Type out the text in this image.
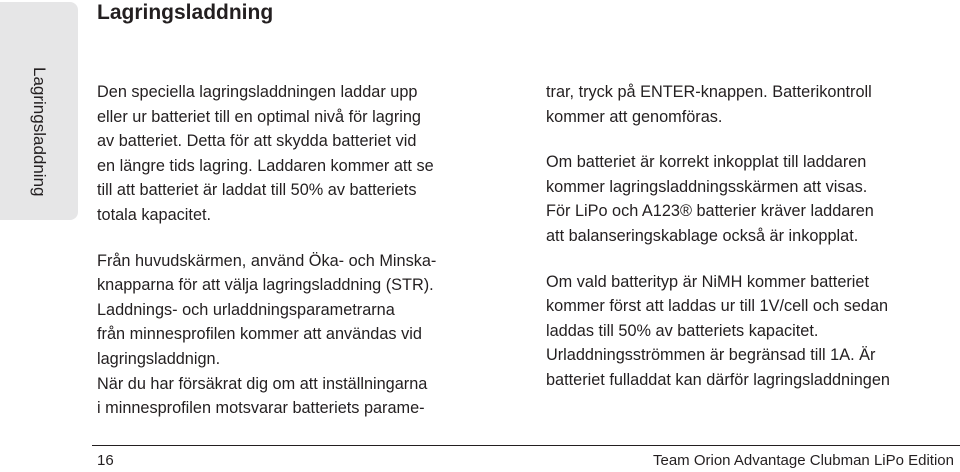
Lagringsladdning
Lagringsladdning

Den speciella lagringsladdningen laddar upp
eller ur batteriet till en optimal nivå för lagring
av batteriet. Detta för att skydda batteriet vid
en längre tids lagring. Laddaren kommer att se
till att batteriet är laddat till 50% av batteriets
totala kapacitet.

Från huvudskärmen, använd Öka- och Minska-
knapparna för att välja lagringsladdning (STR).
Laddnings- och urladdningsparametrarna
från minnesprofilen kommer att användas vid
lagringsladdnign.
När du har försäkrat dig om att inställningarna
i minnesprofilen motsvarar batteriets parame-

trar, tryck på ENTER-knappen. Batterikontroll
kommer att genomföras.

Om batteriet är korrekt inkopplat till laddaren
kommer lagringsladdningsskärmen att visas.
För LiPo och A123® batterier kräver laddaren
att balanseringskablage också är inkopplat.

Om vald batterityp är NiMH kommer batteriet
kommer först att laddas ur till 1V/cell och sedan
laddas till 50% av batteriets kapacitet.
Urladdningsströmmen är begränsad till 1A. Är
batteriet fulladdat kan därför lagringsladdningen

16	Team Orion Advantage Clubman LiPo Edition
